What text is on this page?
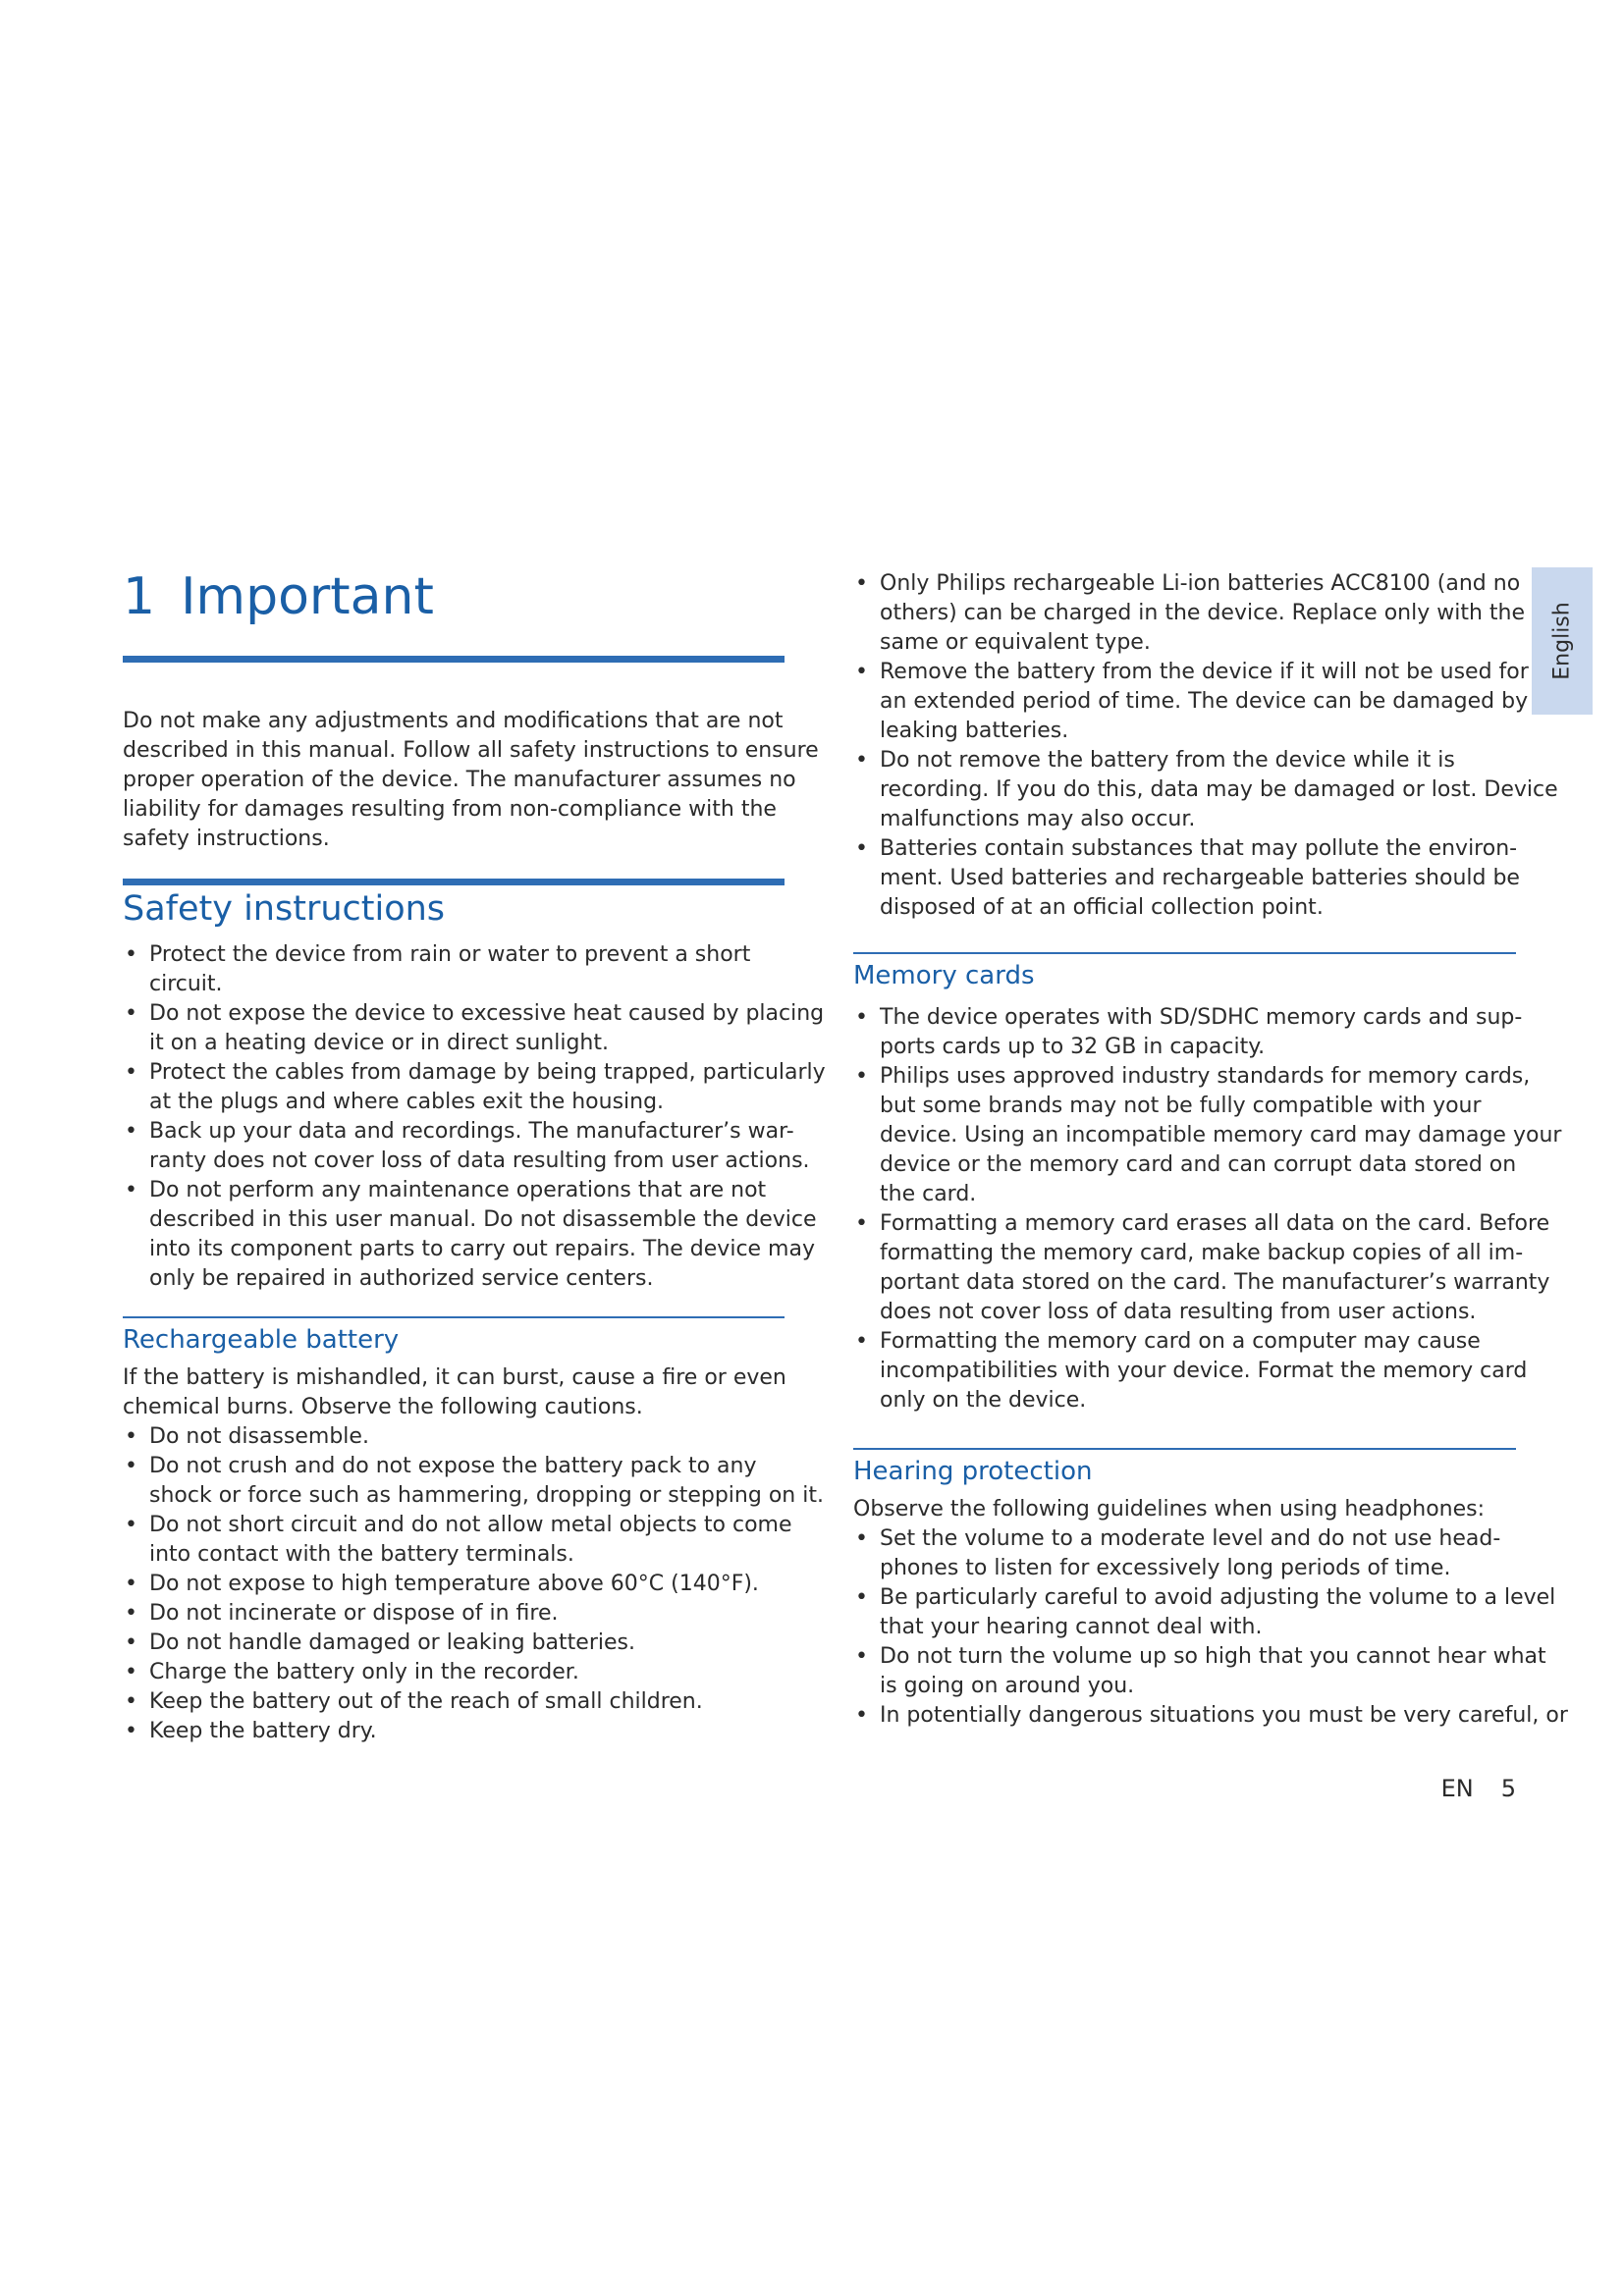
1 Important

Do not make any adjustments and modifications that are not

described in this manual. Follow all safety instructions to ensure

proper operation of the device. The manufacturer assumes no

liability for damages resulting from non-compliance with the

safety instructions.

Safety instructions
• Protect the device from rain or water to prevent a short
circuit.
• Do not expose the device to excessive heat caused by placing
it on a heating device or in direct sunlight.
• Protect the cables from damage by being trapped, particularly
at the plugs and where cables exit the housing.
• Back up your data and recordings. The manufacturer’s war-
ranty does not cover loss of data resulting from user actions.
• Do not perform any maintenance operations that are not
described in this user manual. Do not disassemble the device
into its component parts to carry out repairs. The device may
only be repaired in authorized service centers.
Rechargeable battery

If the battery is mishandled, it can burst, cause a fire or even

chemical burns. Observe the following cautions.

• Do not disassemble.
• Do not crush and do not expose the battery pack to any
shock or force such as hammering, dropping or stepping on it.
• Do not short circuit and do not allow metal objects to come
into contact with the battery terminals.
• Do not expose to high temperature above 60°C (140°F).
• Do not incinerate or dispose of in fire.
• Do not handle damaged or leaking batteries.
• Charge the battery only in the recorder.
• Keep the battery out of the reach of small children.
• Keep the battery dry.
• Only Philips rechargeable Li-ion batteries ACC8100 (and no
others) can be charged in the device. Replace only with the
same or equivalent type.
• Remove the battery from the device if it will not be used for
an extended period of time. The device can be damaged by
leaking batteries.
• Do not remove the battery from the device while it is
recording. If you do this, data may be damaged or lost. Device
malfunctions may also occur.
• Batteries contain substances that may pollute the environ-
ment. Used batteries and rechargeable batteries should be
disposed of at an official collection point.
Memory cards
• The device operates with SD/SDHC memory cards and sup-
ports cards up to 32 GB in capacity.
• Philips uses approved industry standards for memory cards,
but some brands may not be fully compatible with your
device. Using an incompatible memory card may damage your
device or the memory card and can corrupt data stored on
the card.
• Formatting a memory card erases all data on the card. Before
formatting the memory card, make backup copies of all im-
portant data stored on the card. The manufacturer’s warranty
does not cover loss of data resulting from user actions.
• Formatting the memory card on a computer may cause
incompatibilities with your device. Format the memory card
only on the device.
Hearing protection

Observe the following guidelines when using headphones:

• Set the volume to a moderate level and do not use head-
phones to listen for excessively long periods of time.
• Be particularly careful to avoid adjusting the volume to a level
that your hearing cannot deal with.
• Do not turn the volume up so high that you cannot hear what
is going on around you.
• In potentially dangerous situations you must be very careful, or
English
EN 5
